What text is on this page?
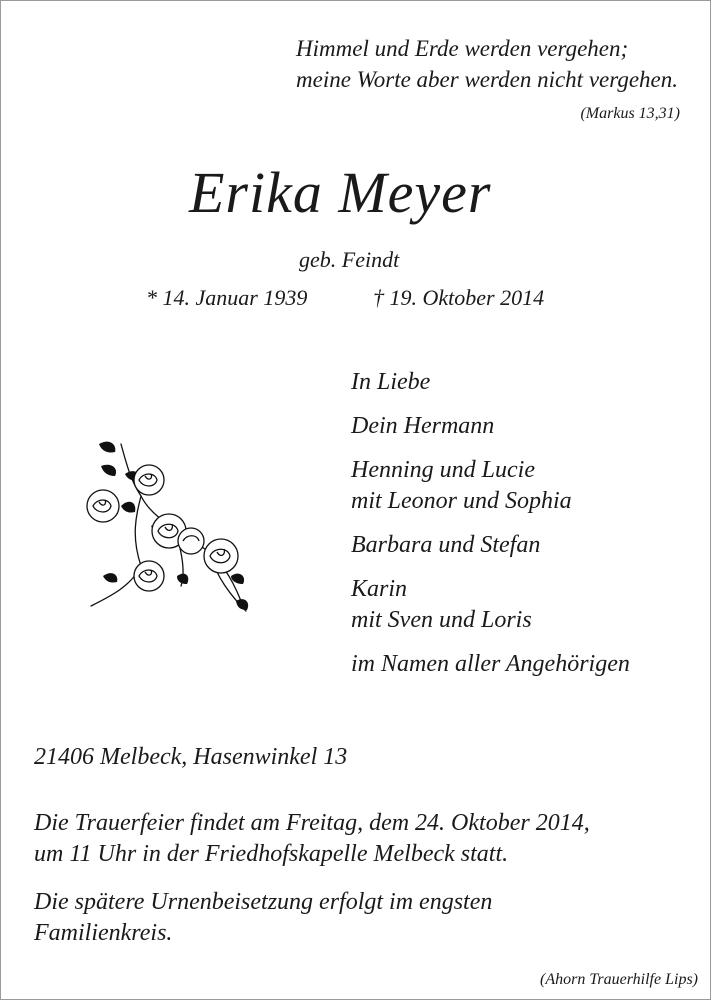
Himmel und Erde werden vergehen;
meine Worte aber werden nicht vergehen.
(Markus 13,31)
Erika Meyer
geb. Feindt
* 14. Januar 1939	† 19. Oktober 2014
In Liebe
Dein Hermann
Henning und Lucie
mit Leonor und Sophia
Barbara und Stefan
Karin
mit Sven und Loris
im Namen aller Angehörigen
21406 Melbeck, Hasenwinkel 13
Die Trauerfeier findet am Freitag, dem 24. Oktober 2014,
um 11 Uhr in der Friedhofskapelle Melbeck statt.
Die spätere Urnenbeisetzung erfolgt im engsten
Familienkreis.
(Ahorn Trauerhilfe Lips)
